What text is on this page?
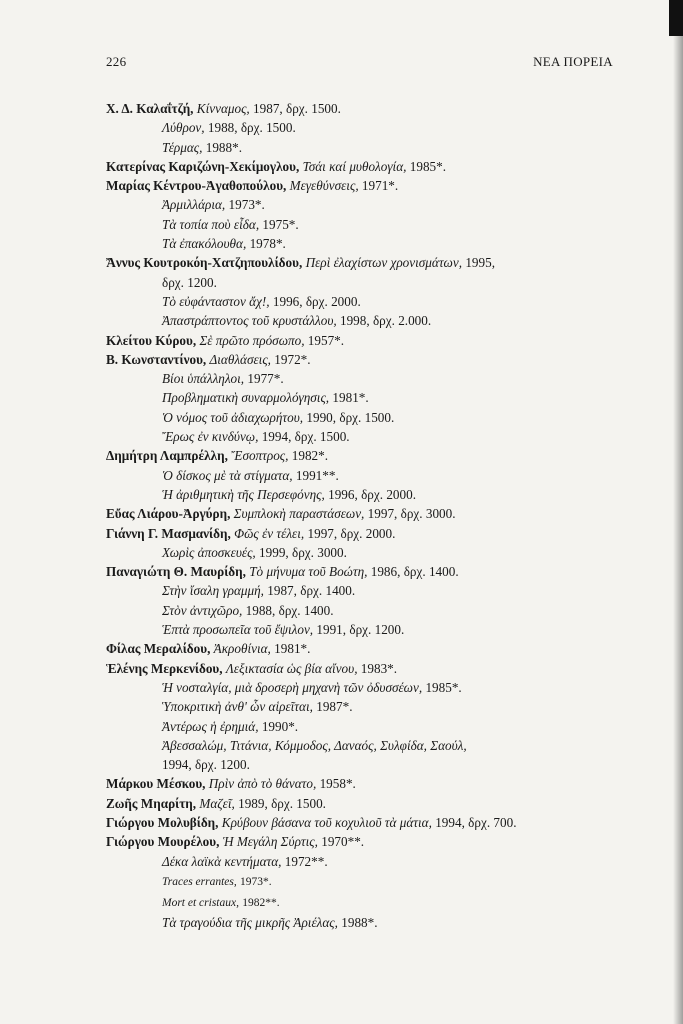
226	ΝΕΑ ΠΟΡΕΙΑ
Χ. Δ. Καλαΐτζή, Κίνναμος, 1987, δρχ. 1500.
Λύθρον, 1988, δρχ. 1500.
Τέρμας, 1988*.
Κατερίνας Καριζώνη-Χεκίμογλου, Τσάι καί μυθολογία, 1985*.
Μαρίας Κέντρου-Ἀγαθοπούλου, Μεγεθύνσεις, 1971*.
Ἀρμιλλάρια, 1973*.
Τὰ τοπία ποὺ εἶδα, 1975*.
Τὰ ἐπακόλουθα, 1978*.
Ἄννυς Κουτροκόη-Χατζηπουλίδου, Περὶ ἐλαχίστων χρονισμάτων, 1995,
δρχ. 1200.
Τὸ εὐφάνταστον ἄχ!, 1996, δρχ. 2000.
Ἀπαστράπτοντος τοῦ κρυστάλλου, 1998, δρχ. 2.000.
Κλείτου Κύρου, Σὲ πρῶτο πρόσωπο, 1957*.
Β. Κωνσταντίνου, Διαθλάσεις, 1972*.
Βίοι ὑπάλληλοι, 1977*.
Προβληματικὴ συναρμολόγησις, 1981*.
Ὁ νόμος τοῦ ἀδιαχωρήτου, 1990, δρχ. 1500.
Ἔρως ἐν κινδύνῳ, 1994, δρχ. 1500.
Δημήτρη Λαμπρέλλη, Ἔσοπτρος, 1982*.
Ὁ δίσκος μὲ τὰ στίγματα, 1991**.
Ἡ ἀριθμητικὴ τῆς Περσεφόνης, 1996, δρχ. 2000.
Εὔας Λιάρου-Ἀργύρη, Συμπλοκὴ παραστάσεων, 1997, δρχ. 3000.
Γιάννη Γ. Μασμανίδη, Φῶς ἐν τέλει, 1997, δρχ. 2000.
Χωρὶς ἀποσκευές, 1999, δρχ. 3000.
Παναγιώτη Θ. Μαυρίδη, Τὸ μήνυμα τοῦ Βοώτη, 1986, δρχ. 1400.
Στὴν ἴσαλη γραμμή, 1987, δρχ. 1400.
Στὸν ἀντιχῶρο, 1988, δρχ. 1400.
Ἑπτὰ προσωπεῖα τοῦ ἔψιλον, 1991, δρχ. 1200.
Φίλας Μεραλίδου, Ἀκροθίνια, 1981*.
Ἑλένης Μερκενίδου, Λεξικτασία ὡς βία αἴνου, 1983*.
Ἡ νοσταλγία, μιὰ δροσερὴ μηχανὴ τῶν ὀδυσσέων, 1985*.
Ὑποκριτικὴ ἀνθ' ὧν αἱρεῖται, 1987*.
Ἀντέρως ἡ ἐρημιά, 1990*.
Ἀβεσσαλώμ, Τιτάνια, Κόμμοδος, Δαναός, Συλφίδα, Σαούλ,
1994, δρχ. 1200.
Μάρκου Μέσκου, Πρὶν ἀπὸ τὸ θάνατο, 1958*.
Ζωῆς Μηαρίτη, Μαζεῖ, 1989, δρχ. 1500.
Γιώργου Μολυβίδη, Κρύβουν βάσανα τοῦ κοχυλιοῦ τὰ μάτια, 1994, δρχ. 700.
Γιώργου Μουρέλου, Ἡ Μεγάλη Σύρτις, 1970**.
Δέκα λαϊκὰ κεντήματα, 1972**.
Traces errantes, 1973*.
Mort et cristaux, 1982**.
Τὰ τραγούδια τῆς μικρῆς Ἀριέλας, 1988*.
